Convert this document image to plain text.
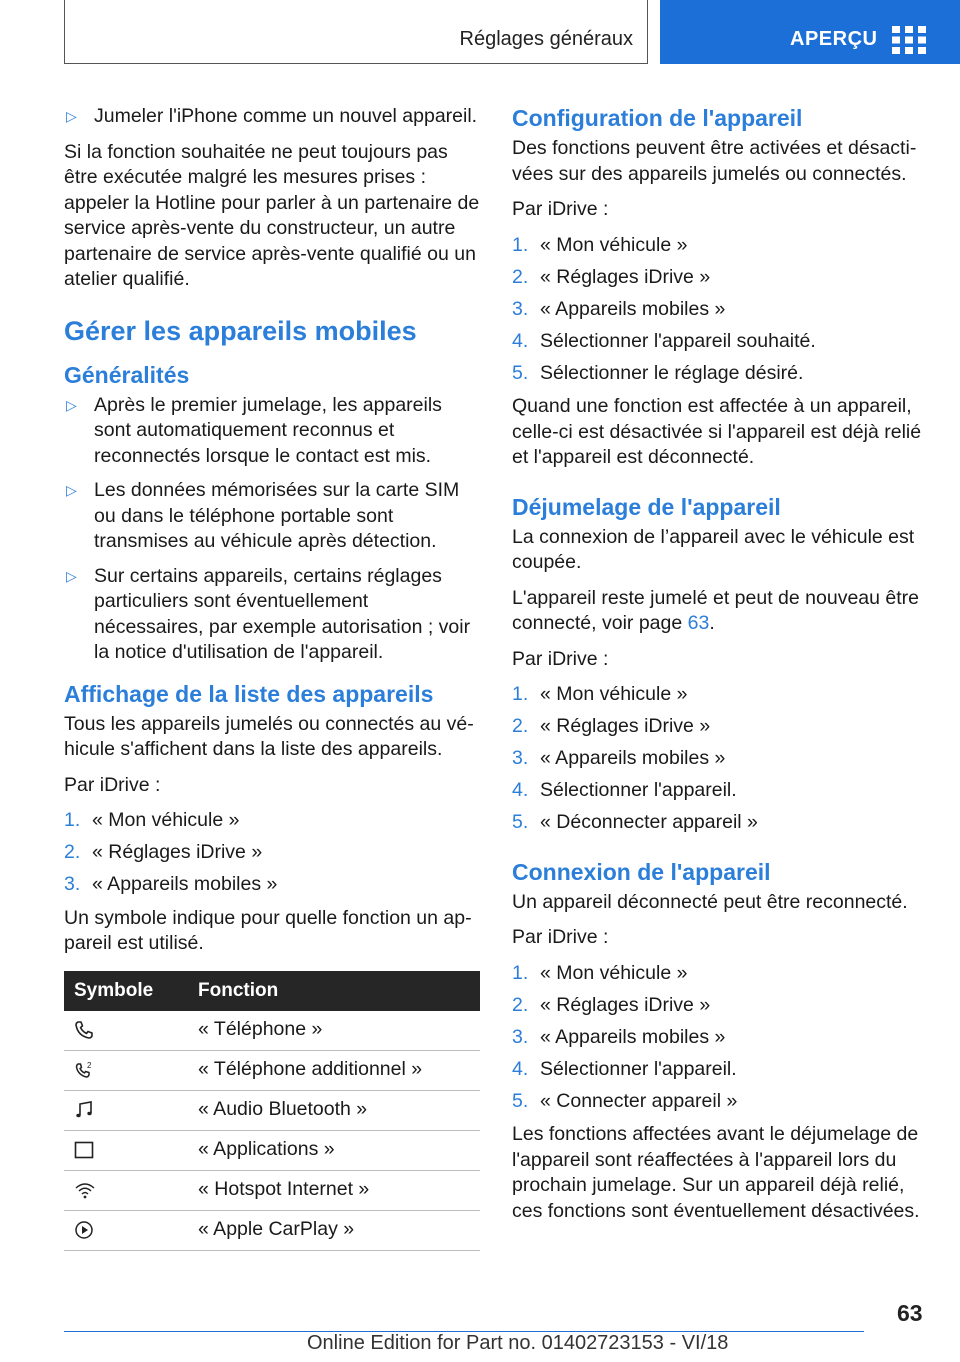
Réglages généraux	APERÇU
▷ Jumeler l'iPhone comme un nouvel appareil.

Si la fonction souhaitée ne peut toujours pas être exécutée malgré les mesures prises : appeler la Hotline pour parler à un partenaire de service après-vente du constructeur, un autre partenaire de service après-vente qualifié ou un atelier qualifié.

Gérer les appareils mobiles
Généralités
▷ Après le premier jumelage, les appareils sont automatiquement reconnus et reconnectés lorsque le contact est mis.
▷ Les données mémorisées sur la carte SIM ou dans le téléphone portable sont transmises au véhicule après détection.
▷ Sur certains appareils, certains réglages particuliers sont éventuellement nécessaires, par exemple autorisation ; voir la notice d'utilisation de l'appareil.
Affichage de la liste des appareils

Tous les appareils jumelés ou connectés au véhicule s'affichent dans la liste des appareils.

Par iDrive :

1. « Mon véhicule »
2. « Réglages iDrive »
3. « Appareils mobiles »

Un symbole indique pour quelle fonction un appareil est utilisé.

Symbole	Fonction

	« Téléphone »

2	« Téléphone additionnel »

	« Audio Bluetooth »

	« Applications »

	« Hotspot Internet »

	« Apple CarPlay »
Configuration de l'appareil

Des fonctions peuvent être activées et désactivées sur des appareils jumelés ou connectés.

Par iDrive :

1. « Mon véhicule »
2. « Réglages iDrive »
3. « Appareils mobiles »
4. Sélectionner l'appareil souhaité.
5. Sélectionner le réglage désiré.

Quand une fonction est affectée à un appareil, celle-ci est désactivée si l'appareil est déjà relié et l'appareil est déconnecté.

Déjumelage de l'appareil

La connexion de l’appareil avec le véhicule est coupée.

L'appareil reste jumelé et peut de nouveau être connecté, voir page 63.

Par iDrive :

1. « Mon véhicule »
2. « Réglages iDrive »
3. « Appareils mobiles »
4. Sélectionner l'appareil.
5. « Déconnecter appareil »
Connexion de l'appareil

Un appareil déconnecté peut être reconnecté.

Par iDrive :

1. « Mon véhicule »
2. « Réglages iDrive »
3. « Appareils mobiles »
4. Sélectionner l'appareil.
5. « Connecter appareil »

Les fonctions affectées avant le déjumelage de l'appareil sont réaffectées à l'appareil lors du prochain jumelage. Sur un appareil déjà relié, ces fonctions sont éventuellement désactivées.

63
Online Edition for Part no. 01402723153 - VI/18
